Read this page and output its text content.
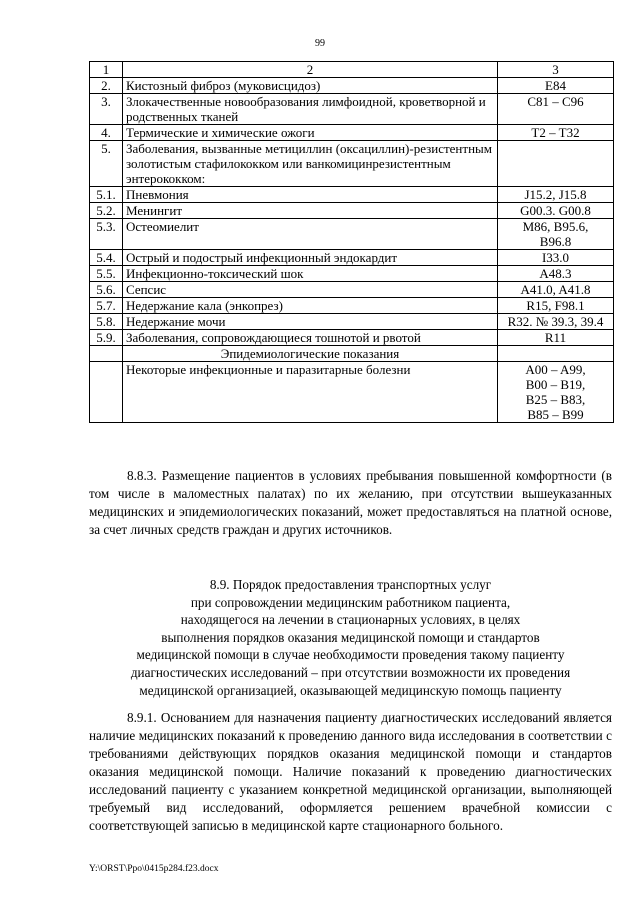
99
1	2	3
2.	Кистозный фиброз (муковисцидоз)	E84

3.	Злокачественные новообразования лимфоидной, кроветворной и родственных тканей	C81 – C96

4.	Термические и химические ожоги	T2 – T32

5.	Заболевания, вызванные метициллин (оксациллин)-резистентным золотистым стафилококком или ванкомицинрезистентным энтерококком:	

5.1.	Пневмония	J15.2, J15.8

5.2.	Менингит	G00.3. G00.8

5.3.	Остеомиелит	M86, B95.6,
B96.8

5.4.	Острый и подострый инфекционный эндокардит	I33.0

5.5.	Инфекционно-токсический шок	A48.3

5.6.	Сепсис	A41.0, A41.8

5.7.	Недержание кала (энкопрез)	R15, F98.1

5.8.	Недержание мочи	R32. № 39.3, 39.4

5.9.	Заболевания, сопровождающиеся тошнотой и рвотой	R11

	Эпидемиологические показания	
	Некоторые инфекционные и паразитарные болезни	A00 – A99,
B00 – B19,
B25 – B83,
B85 – B99

8.8.3. Размещение пациентов в условиях пребывания повышенной комфортности (в том числе в маломестных палатах) по их желанию, при отсутствии вышеуказанных медицинских и эпидемиологических показаний, может предоставляться на платной основе, за счет личных средств граждан и других источников.

8.9. Порядок предоставления транспортных услуг
при сопровождении медицинским работником пациента,
находящегося на лечении в стационарных условиях, в целях
выполнения порядков оказания медицинской помощи и стандартов
медицинской помощи в случае необходимости проведения такому пациенту
диагностических исследований – при отсутствии возможности их проведения
медицинской организацией, оказывающей медицинскую помощь пациенту

8.9.1. Основанием для назначения пациенту диагностических исследований является наличие медицинских показаний к проведению данного вида исследования в соответствии с требованиями действующих порядков оказания медицинской помощи и стандартов оказания медицинской помощи. Наличие показаний к проведению диагностических исследований пациенту с указанием конкретной медицинской организации, выполняющей требуемый вид исследований, оформляется решением врачебной комиссии с соответствующей записью в медицинской карте стационарного больного.

Y:\ORST\Ppo\0415p284.f23.docx
